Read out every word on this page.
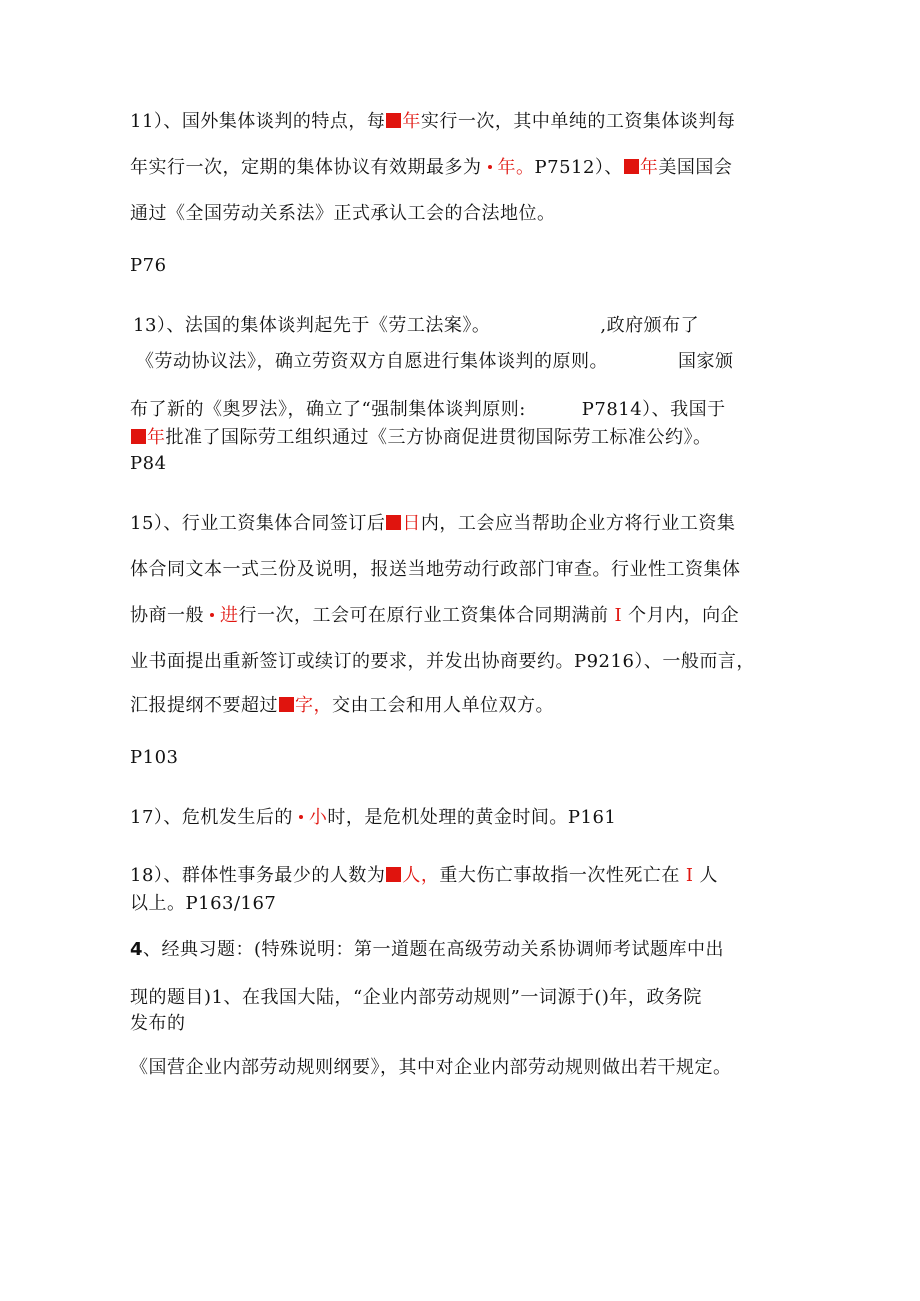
11）、国外集体谈判的特点，每 年实行一次，其中单纯的工资集体谈判每
年实行一次，定期的集体协议有效期最多为 年。P7512）、 年美国国会
通过《全国劳动关系法》正式承认工会的合法地位。
P76
13）、法国的集体谈判起先于《劳工法案》。	,政府颁布了
《劳动协议法》，确立劳资双方自愿进行集体谈判的原则。	国家颁
布了新的《奥罗法》，确立了“强制集体谈判原则:	P7814）、我国于
年批准了国际劳工组织通过《三方协商促进贯彻国际劳工标准公约》。
P84
15）、行业工资集体合同签订后 日内，工会应当帮助企业方将行业工资集
体合同文本一式三份及说明，报送当地劳动行政部门审查。行业性工资集体
协商一般 进行一次，工会可在原行业工资集体合同期满前 I 个月内，向企
业书面提出重新签订或续订的要求，并发出协商要约。P9216）、一般而言，
汇报提纲不要超过 字，交由工会和用人单位双方。
P103
17）、危机发生后的 小时，是危机处理的黄金时间。P161
18）、群体性事务最少的人数为 人，重大伤亡事故指一次性死亡在 I 人
以上。P163/167
4、经典习题：(特殊说明：第一道题在高级劳动关系协调师考试题库中出
现的题目)1、在我国大陆，“企业内部劳动规则”一词源于()年，政务院
发布的
《国营企业内部劳动规则纲要》，其中对企业内部劳动规则做出若干规定。
